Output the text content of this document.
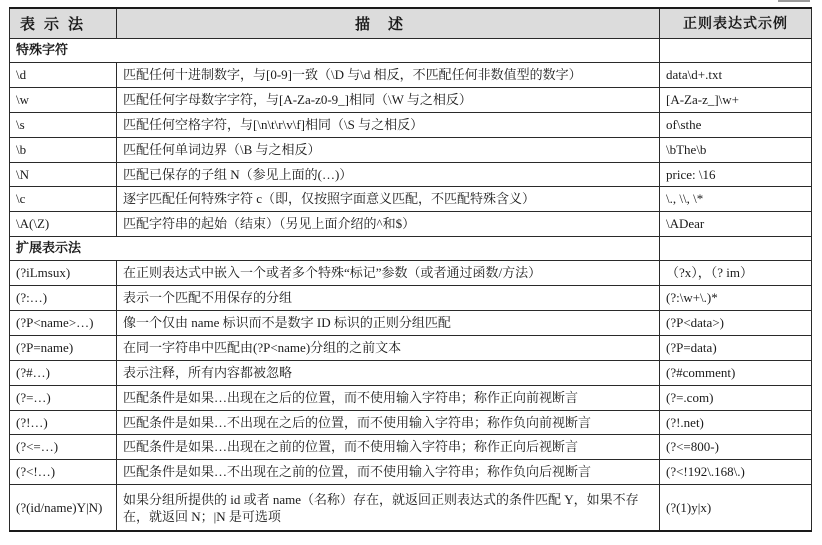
表示法	描述	正则表达式示例
特殊字符		
\d	匹配任何十进制数字，与[0-9]一致（\D 与\d 相反，不匹配任何非数值型的数字）	data\d+.txt
\w	匹配任何字母数字字符，与[A-Za-z0-9_]相同（\W 与之相反）	[A-Za-z_]\w+
\s	匹配任何空格字符，与[\n\t\r\v\f]相同（\S 与之相反）	of\sthe
\b	匹配任何单词边界（\B 与之相反）	\bThe\b
\N	匹配已保存的子组 N（参见上面的(…)）	price: \16
\c	逐字匹配任何特殊字符 c（即，仅按照字面意义匹配，不匹配特殊含义）	\., \\, \*
\A(\Z)	匹配字符串的起始（结束）（另见上面介绍的^和$）	\ADear
扩展表示法		
(?iLmsux)	在正则表达式中嵌入一个或者多个特殊“标记”参数（或者通过函数/方法）	（?x），（? im）
(?:…)	表示一个匹配不用保存的分组	(?:\w+\.)*
(?P<name>…)	像一个仅由 name 标识而不是数字 ID 标识的正则分组匹配	(?P<data>)
(?P=name)	在同一字符串中匹配由(?P<name)分组的之前文本	(?P=data)
(?#…)	表示注释，所有内容都被忽略	(?#comment)
(?=…)	匹配条件是如果…出现在之后的位置，而不使用输入字符串；称作正向前视断言	(?=.com)
(?!…)	匹配条件是如果…不出现在之后的位置，而不使用输入字符串；称作负向前视断言	(?!.net)
(?<=…)	匹配条件是如果…出现在之前的位置，而不使用输入字符串；称作正向后视断言	(?<=800-)
(?<!…)	匹配条件是如果…不出现在之前的位置，而不使用输入字符串；称作负向后视断言	(?<!192\.168\.)
(?(id/name)Y|N)	如果分组所提供的 id 或者 name（名称）存在，就返回正则表达式的条件匹配 Y，如果不存在，就返回 N；|N 是可选项	(?(1)y|x)
